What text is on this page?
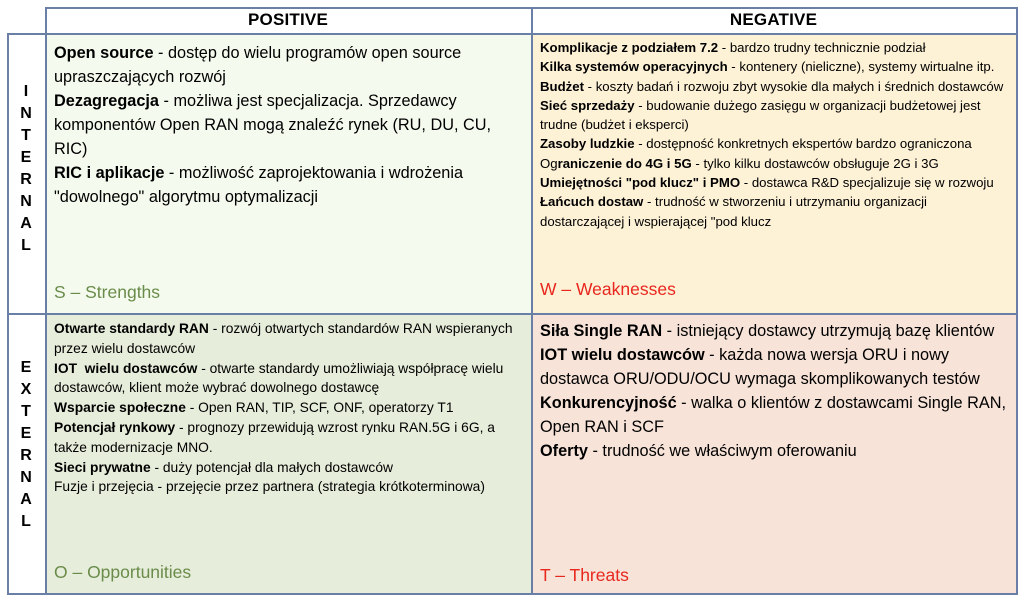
POSITIVE	NEGATIVE
I
N
T
E
R
N
A
L
E
X
T
E
R
N
A
L

Open source - dostęp do wielu programów open source upraszczających rozwój

Dezagregacja - możliwa jest specjalizacja. Sprzedawcy komponentów Open RAN mogą znaleźć rynek (RU, DU, CU, RIC)

RIC i aplikacje - możliwość zaprojektowania i wdrożenia "dowolnego" algorytmu optymalizacji

S – Strengths

Komplikacje z podziałem 7.2 - bardzo trudny technicznie podział

Kilka systemów operacyjnych - kontenery (nieliczne), systemy wirtualne itp.

Budżet - koszty badań i rozwoju zbyt wysokie dla małych i średnich dostawców

Sieć sprzedaży - budowanie dużego zasięgu w organizacji budżetowej jest trudne (budżet i eksperci)

Zasoby ludzkie - dostępność konkretnych ekspertów bardzo ograniczona

Ograniczenie do 4G i 5G - tylko kilku dostawców obsługuje 2G i 3G

Umiejętności "pod klucz" i PMO - dostawca R&D specjalizuje się w rozwoju

Łańcuch dostaw - trudność w stworzeniu i utrzymaniu organizacji dostarczającej i wspierającej "pod klucz

W – Weaknesses

Otwarte standardy RAN - rozwój otwartych standardów RAN wspieranych przez wielu dostawców

IOT  wielu dostawców - otwarte standardy umożliwiają współpracę wielu dostawców, klient może wybrać dowolnego dostawcę

Wsparcie społeczne - Open RAN, TIP, SCF, ONF, operatorzy T1

Potencjał rynkowy - prognozy przewidują wzrost rynku RAN.5G i 6G, a także modernizacje MNO.

Sieci prywatne - duży potencjał dla małych dostawców

Fuzje i przejęcia - przejęcie przez partnera (strategia krótkoterminowa)

O – Opportunities

Siła Single RAN - istniejący dostawcy utrzymują bazę klientów

IOT wielu dostawców - każda nowa wersja ORU i nowy dostawca ORU/ODU/OCU wymaga skomplikowanych testów

Konkurencyjność - walka o klientów z dostawcami Single RAN, Open RAN i SCF

Oferty - trudność we właściwym oferowaniu

T – Threats
